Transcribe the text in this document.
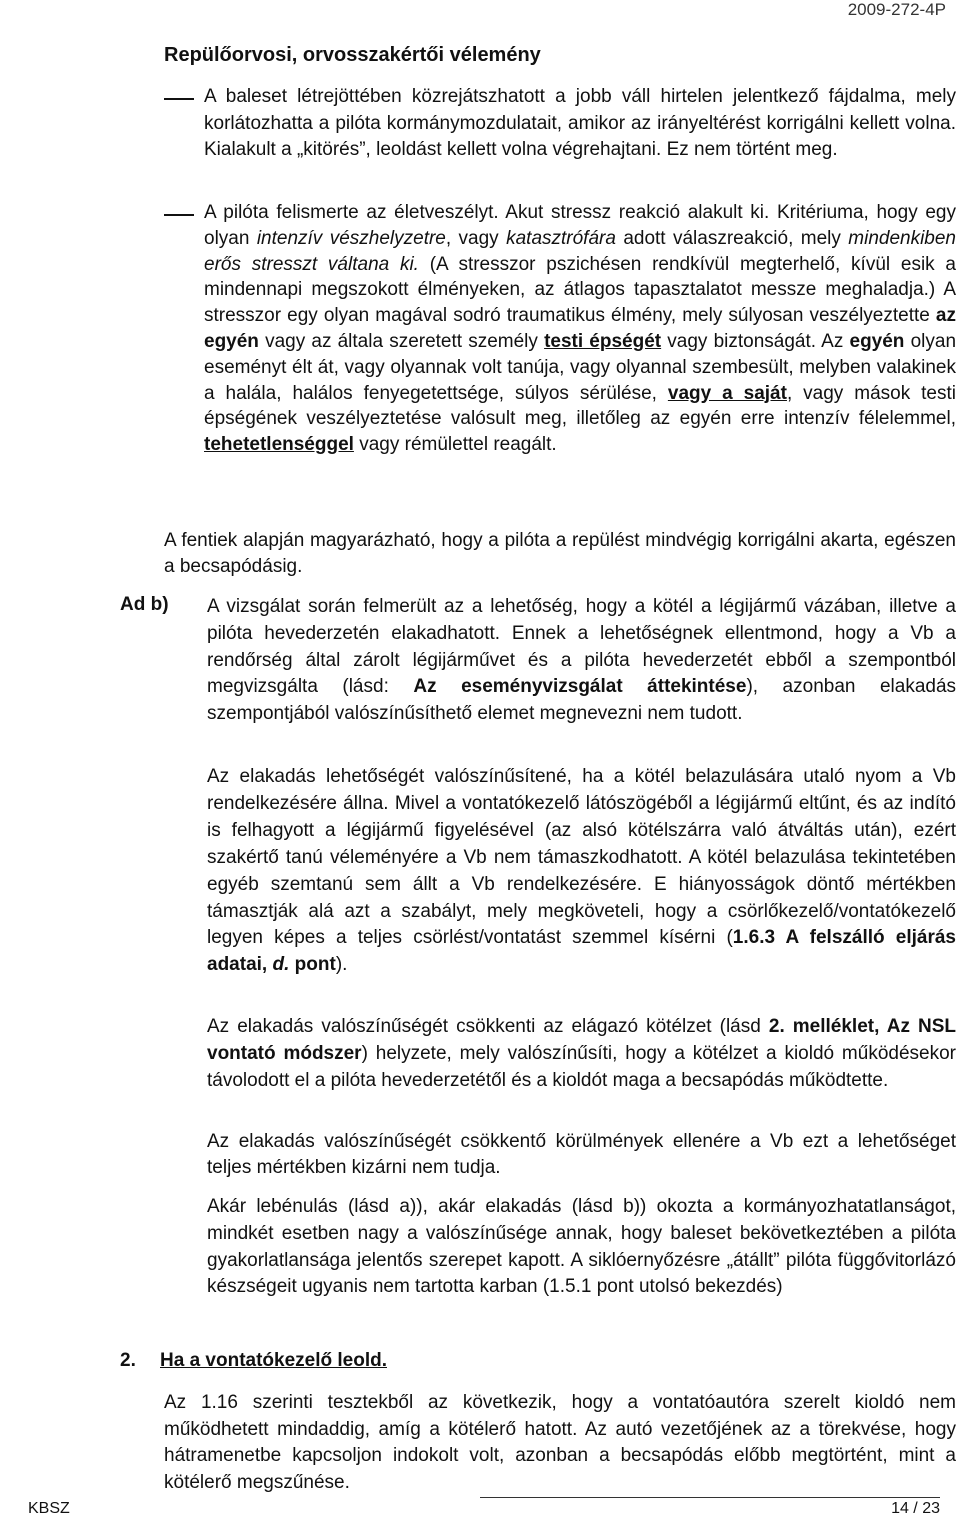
2009-272-4P
Repülőorvosi, orvosszakértői vélemény
A baleset létrejöttében közrejátszhatott a jobb váll hirtelen jelentkező fájdalma, mely korlátozhatta a pilóta kormánymozdulatait, amikor az irányeltérést korrigálni kellett volna. Kialakult a „kitörés”, leoldást kellett volna végrehajtani. Ez nem történt meg.
A pilóta felismerte az életveszélyt. Akut stressz reakció alakult ki. Kritériuma, hogy egy olyan intenzív vészhelyzetre, vagy katasztrófára adott válaszreakció, mely mindenkiben erős stresszt váltana ki. (A stresszor pszichésen rendkívül megterhelő, kívül esik a mindennapi megszokott élményeken, az átlagos tapasztalatot messze meghaladja.) A stresszor egy olyan magával sodró traumatikus élmény, mely súlyosan veszélyeztette az egyén vagy az általa szeretett személy testi épségét vagy biztonságát. Az egyén olyan eseményt élt át, vagy olyannak volt tanúja, vagy olyannal szembesült, melyben valakinek a halála, halálos fenyegetettsége, súlyos sérülése, vagy a saját, vagy mások testi épségének veszélyeztetése valósult meg, illetőleg az egyén erre intenzív félelemmel, tehetetlenséggel vagy rémülettel reagált.
A fentiek alapján magyarázható, hogy a pilóta a repülést mindvégig korrigálni akarta, egészen a becsapódásig.
Ad b) A vizsgálat során felmerült az a lehetőség, hogy a kötél a légijármű vázában, illetve a pilóta hevederzetén elakadhatott. Ennek a lehetőségnek ellentmond, hogy a Vb a rendőrség által zárolt légijárművet és a pilóta hevederzetét ebből a szempontból megvizsgálta (lásd: Az eseményvizsgálat áttekintése), azonban elakadás szempontjából valószínűsíthető elemet megnevezni nem tudott.
Az elakadás lehetőségét valószínűsítené, ha a kötél belazulására utaló nyom a Vb rendelkezésére állna. Mivel a vontatókezelő látószögéből a légijármű eltűnt, és az indító is felhagyott a légijármű figyelésével (az alsó kötélszárra való átváltás után), ezért szakértő tanú véleményére a Vb nem támaszkodhatott. A kötél belazulása tekintetében egyéb szemtanú sem állt a Vb rendelkezésére. E hiányosságok döntő mértékben támasztják alá azt a szabályt, mely megköveteli, hogy a csörlőkezelő/vontatókezelő legyen képes a teljes csörlést/vontatást szemmel kísérni (1.6.3 A felszálló eljárás adatai, d. pont).
Az elakadás valószínűségét csökkenti az elágazó kötélzet (lásd 2. melléklet, Az NSL vontató módszer) helyzete, mely valószínűsíti, hogy a kötélzet a kioldó működésekor távolodott el a pilóta hevederzetétől és a kioldót maga a becsapódás működtette.
Az elakadás valószínűségét csökkentő körülmények ellenére a Vb ezt a lehetőséget teljes mértékben kizárni nem tudja.
Akár lebénulás (lásd a)), akár elakadás (lásd b)) okozta a kormányozhatatlanságot, mindkét esetben nagy a valószínűsége annak, hogy baleset bekövetkeztében a pilóta gyakorlatlansága jelentős szerepet kapott. A siklóernyőzésre „átállt” pilóta függővitorlázó készségeit ugyanis nem tartotta karban (1.5.1 pont utolsó bekezdés)
2. Ha a vontatókezelő leold.
Az 1.16 szerinti tesztekből az következik, hogy a vontatóautóra szerelt kioldó nem működhetett mindaddig, amíg a kötélerő hatott. Az autó vezetőjének az a törekvése, hogy hátramenetbe kapcsoljon indokolt volt, azonban a becsapódás előbb megtörtént, mint a kötélerő megszűnése.
KBSZ	14 / 23
